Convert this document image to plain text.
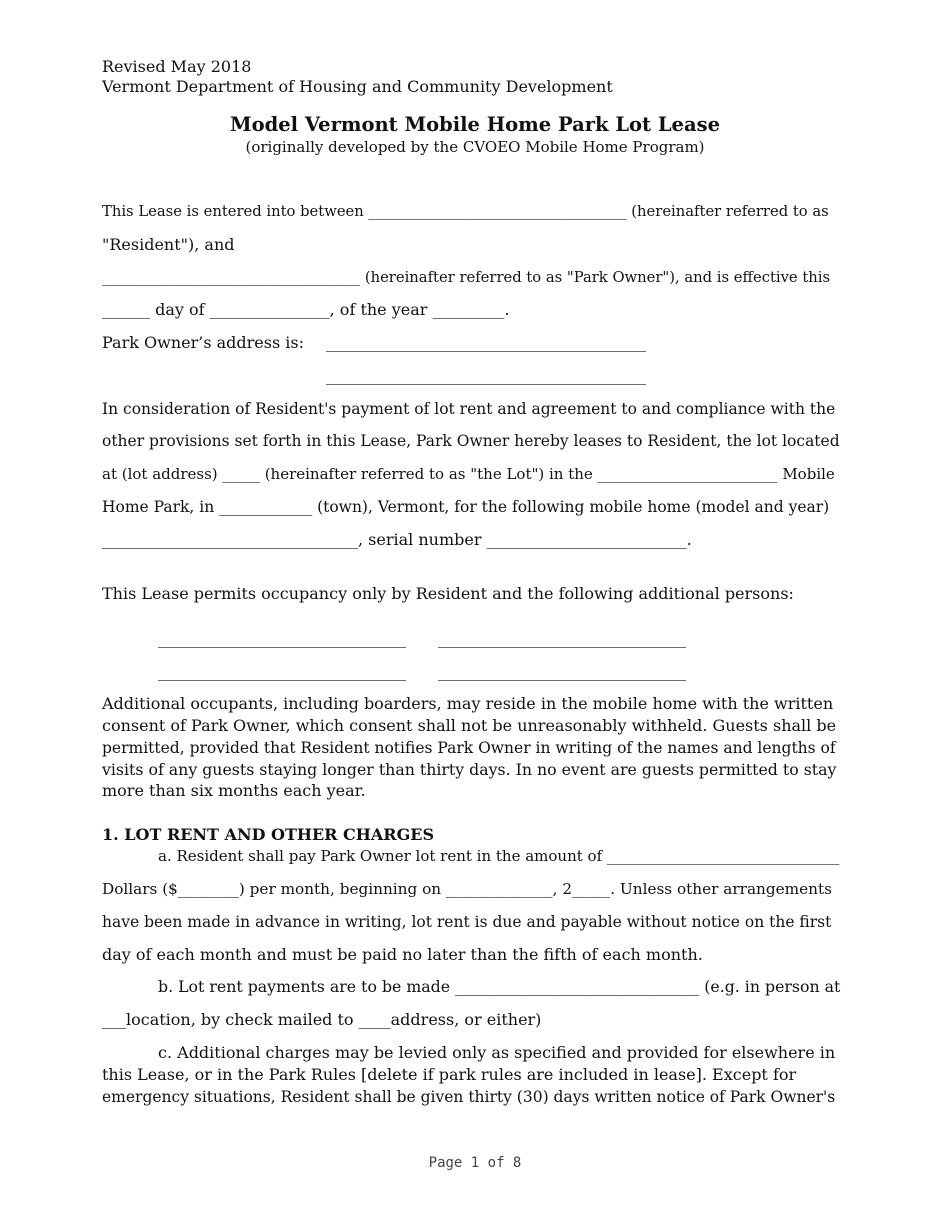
Revised May 2018
Vermont Department of Housing and Community Development
Model Vermont Mobile Home Park Lot Lease
(originally developed by the CVOEO Mobile Home Program)
This Lease is entered into between ___________________________________ (hereinafter referred to as
"Resident"), and
___________________________________ (hereinafter referred to as "Park Owner"), and is effective this
______ day of _______________, of the year _________.
Park Owner’s address is: ________________________________________
________________________________________
In consideration of Resident's payment of lot rent and agreement to and compliance with the
other provisions set forth in this Lease, Park Owner hereby leases to Resident, the lot located
at (lot address) _____ (hereinafter referred to as "the Lot") in the ________________________ Mobile
Home Park, in ____________ (town), Vermont, for the following mobile home (model and year)
________________________________, serial number _________________________.
This Lease permits occupancy only by Resident and the following additional persons:
_______________________________ _______________________________
_______________________________ _______________________________
Additional occupants, including boarders, may reside in the mobile home with the written
consent of Park Owner, which consent shall not be unreasonably withheld. Guests shall be
permitted, provided that Resident notifies Park Owner in writing of the names and lengths of
visits of any guests staying longer than thirty days. In no event are guests permitted to stay
more than six months each year.
1. LOT RENT AND OTHER CHARGES
a. Resident shall pay Park Owner lot rent in the amount of _______________________________
Dollars ($________) per month, beginning on ______________, 2_____. Unless other arrangements
have been made in advance in writing, lot rent is due and payable without notice on the first
day of each month and must be paid no later than the fifth of each month.
b. Lot rent payments are to be made _______________________________ (e.g. in person at
___location, by check mailed to ____address, or either)
c. Additional charges may be levied only as specified and provided for elsewhere in
this Lease, or in the Park Rules [delete if park rules are included in lease]. Except for
emergency situations, Resident shall be given thirty (30) days written notice of Park Owner's
Page 1 of 8
